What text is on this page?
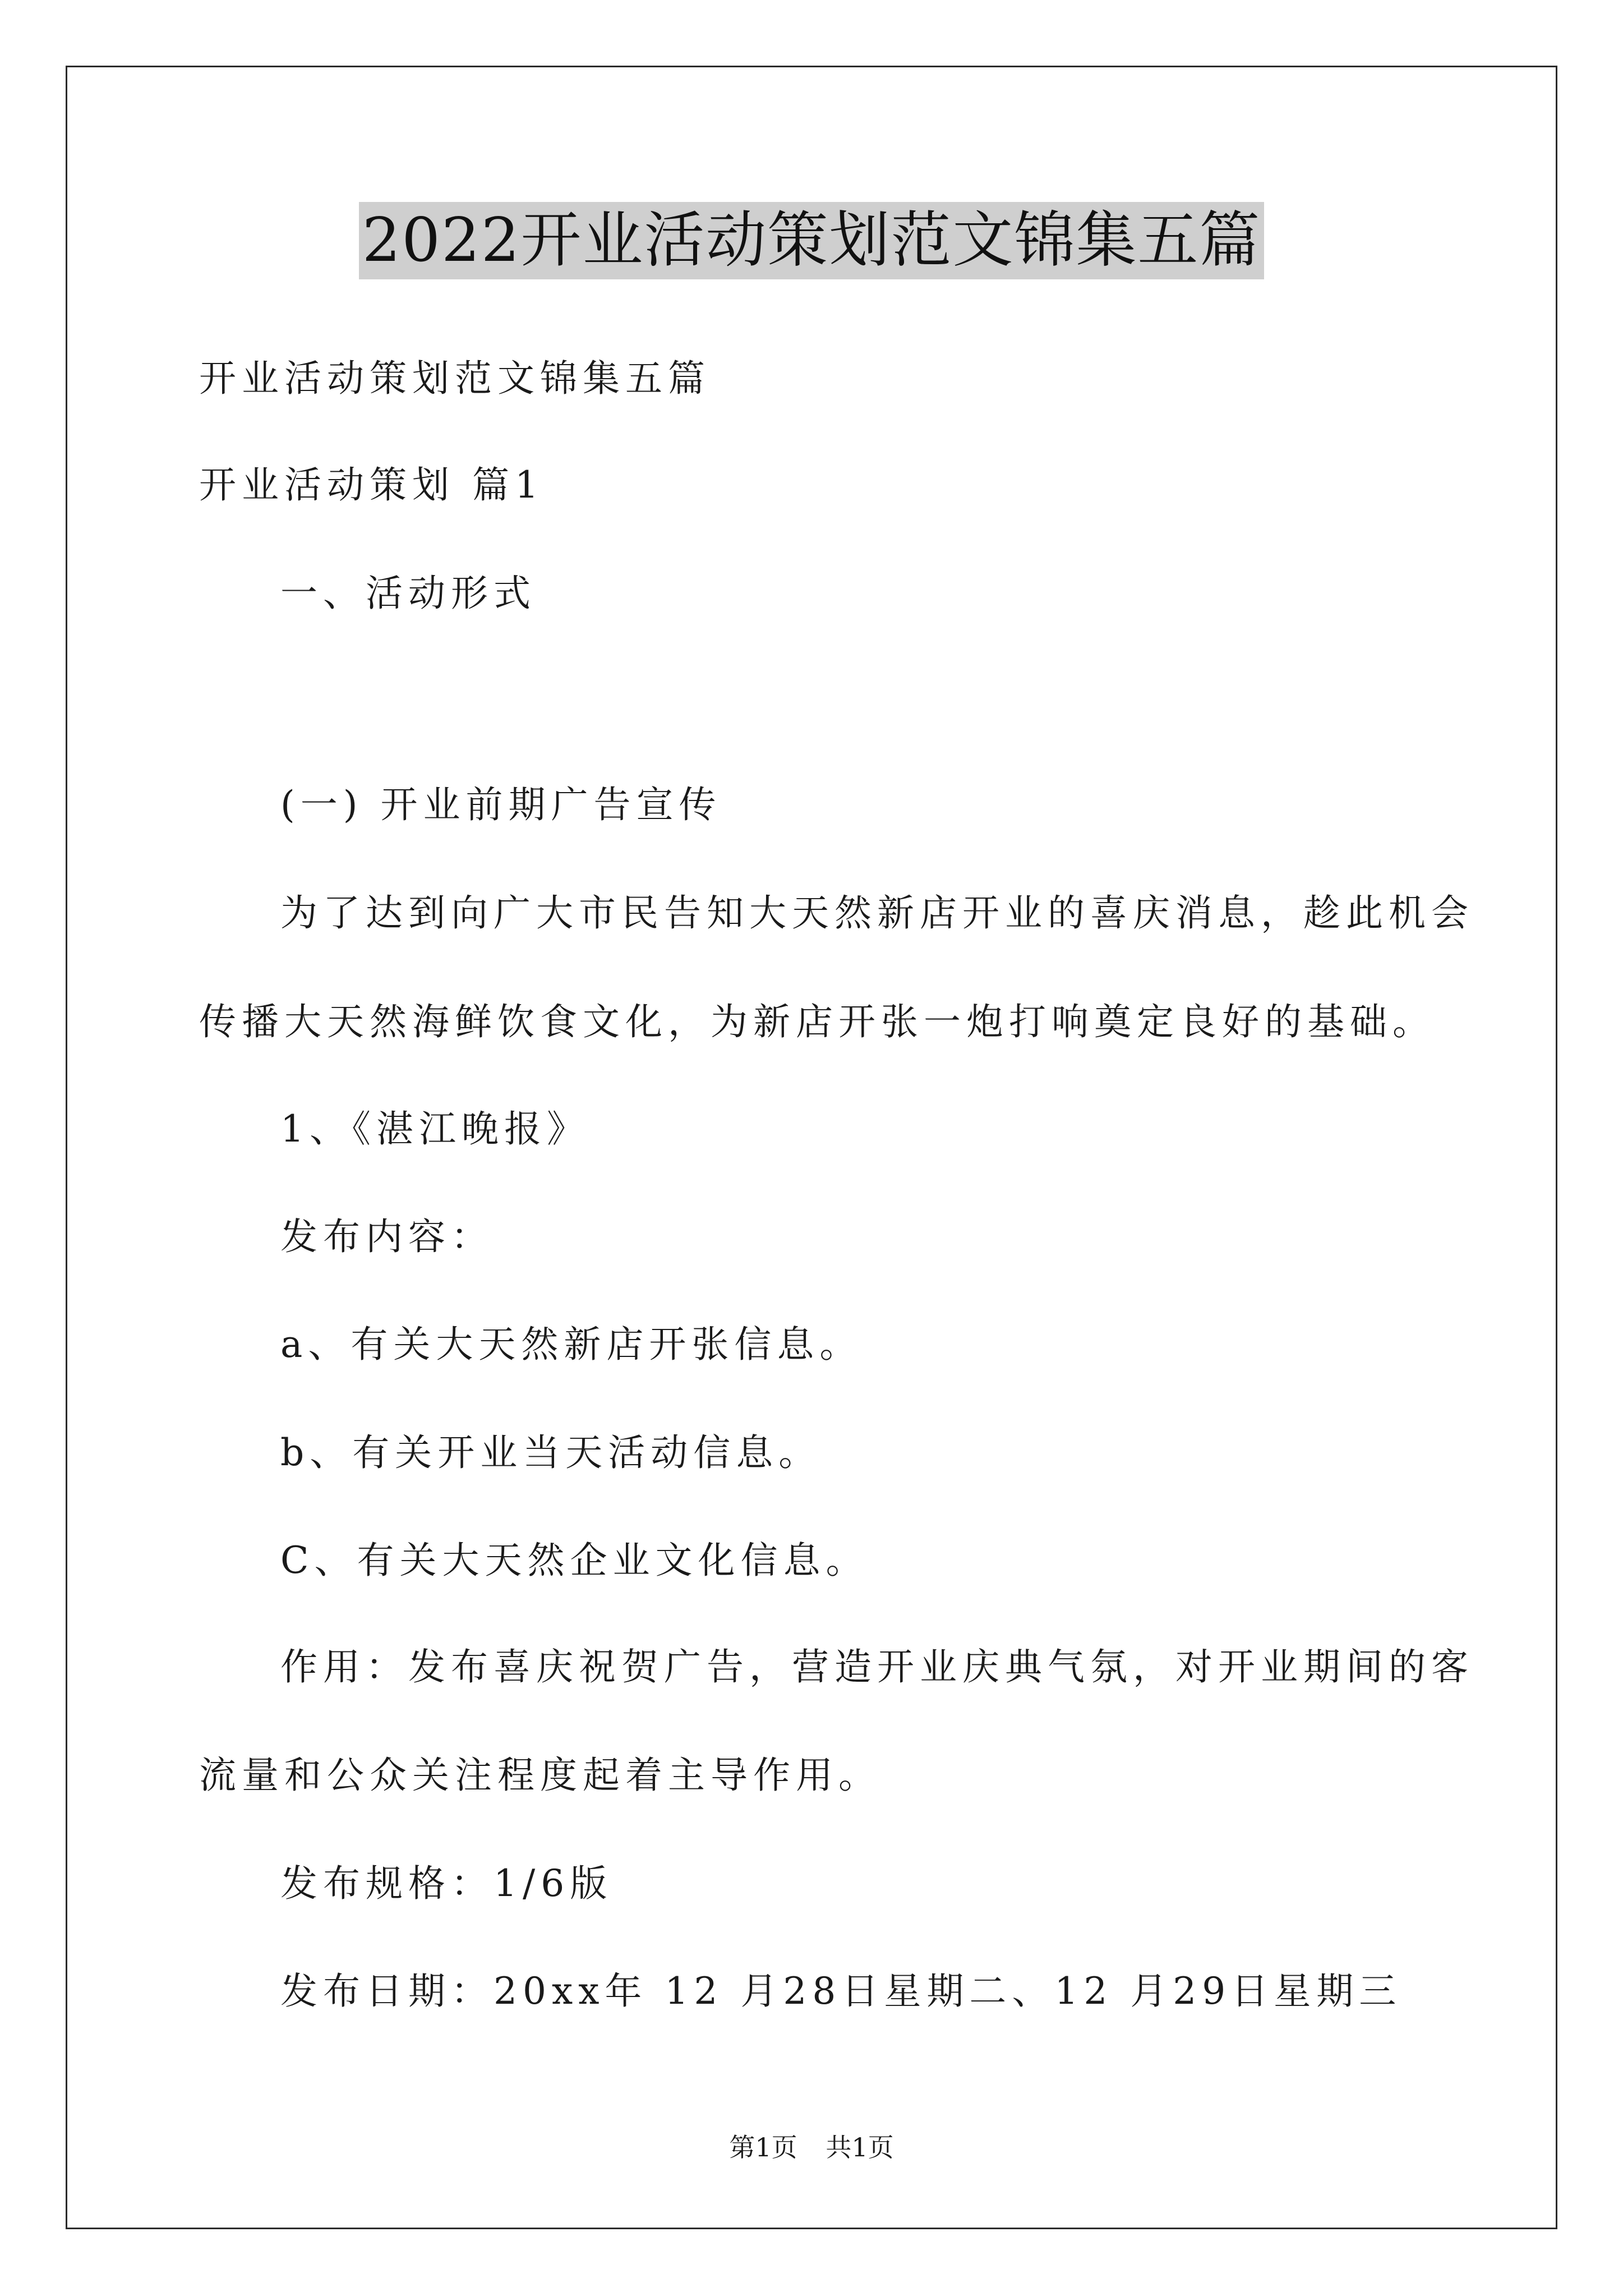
2022开业活动策划范文锦集五篇
开业活动策划范文锦集五篇
开业活动策划 篇1
一、活动形式
(一) 开业前期广告宣传
为了达到向广大市民告知大天然新店开业的喜庆消息，趁此机会
传播大天然海鲜饮食文化，为新店开张一炮打响奠定良好的基础。
1、《湛江晚报》
发布内容：
a、有关大天然新店开张信息。
b、有关开业当天活动信息。
C、有关大天然企业文化信息。
作用：发布喜庆祝贺广告，营造开业庆典气氛，对开业期间的客
流量和公众关注程度起着主导作用。
发布规格：1/6版
发布日期：20xx年 12 月28日星期二、12 月29日星期三
第1页 共1页
